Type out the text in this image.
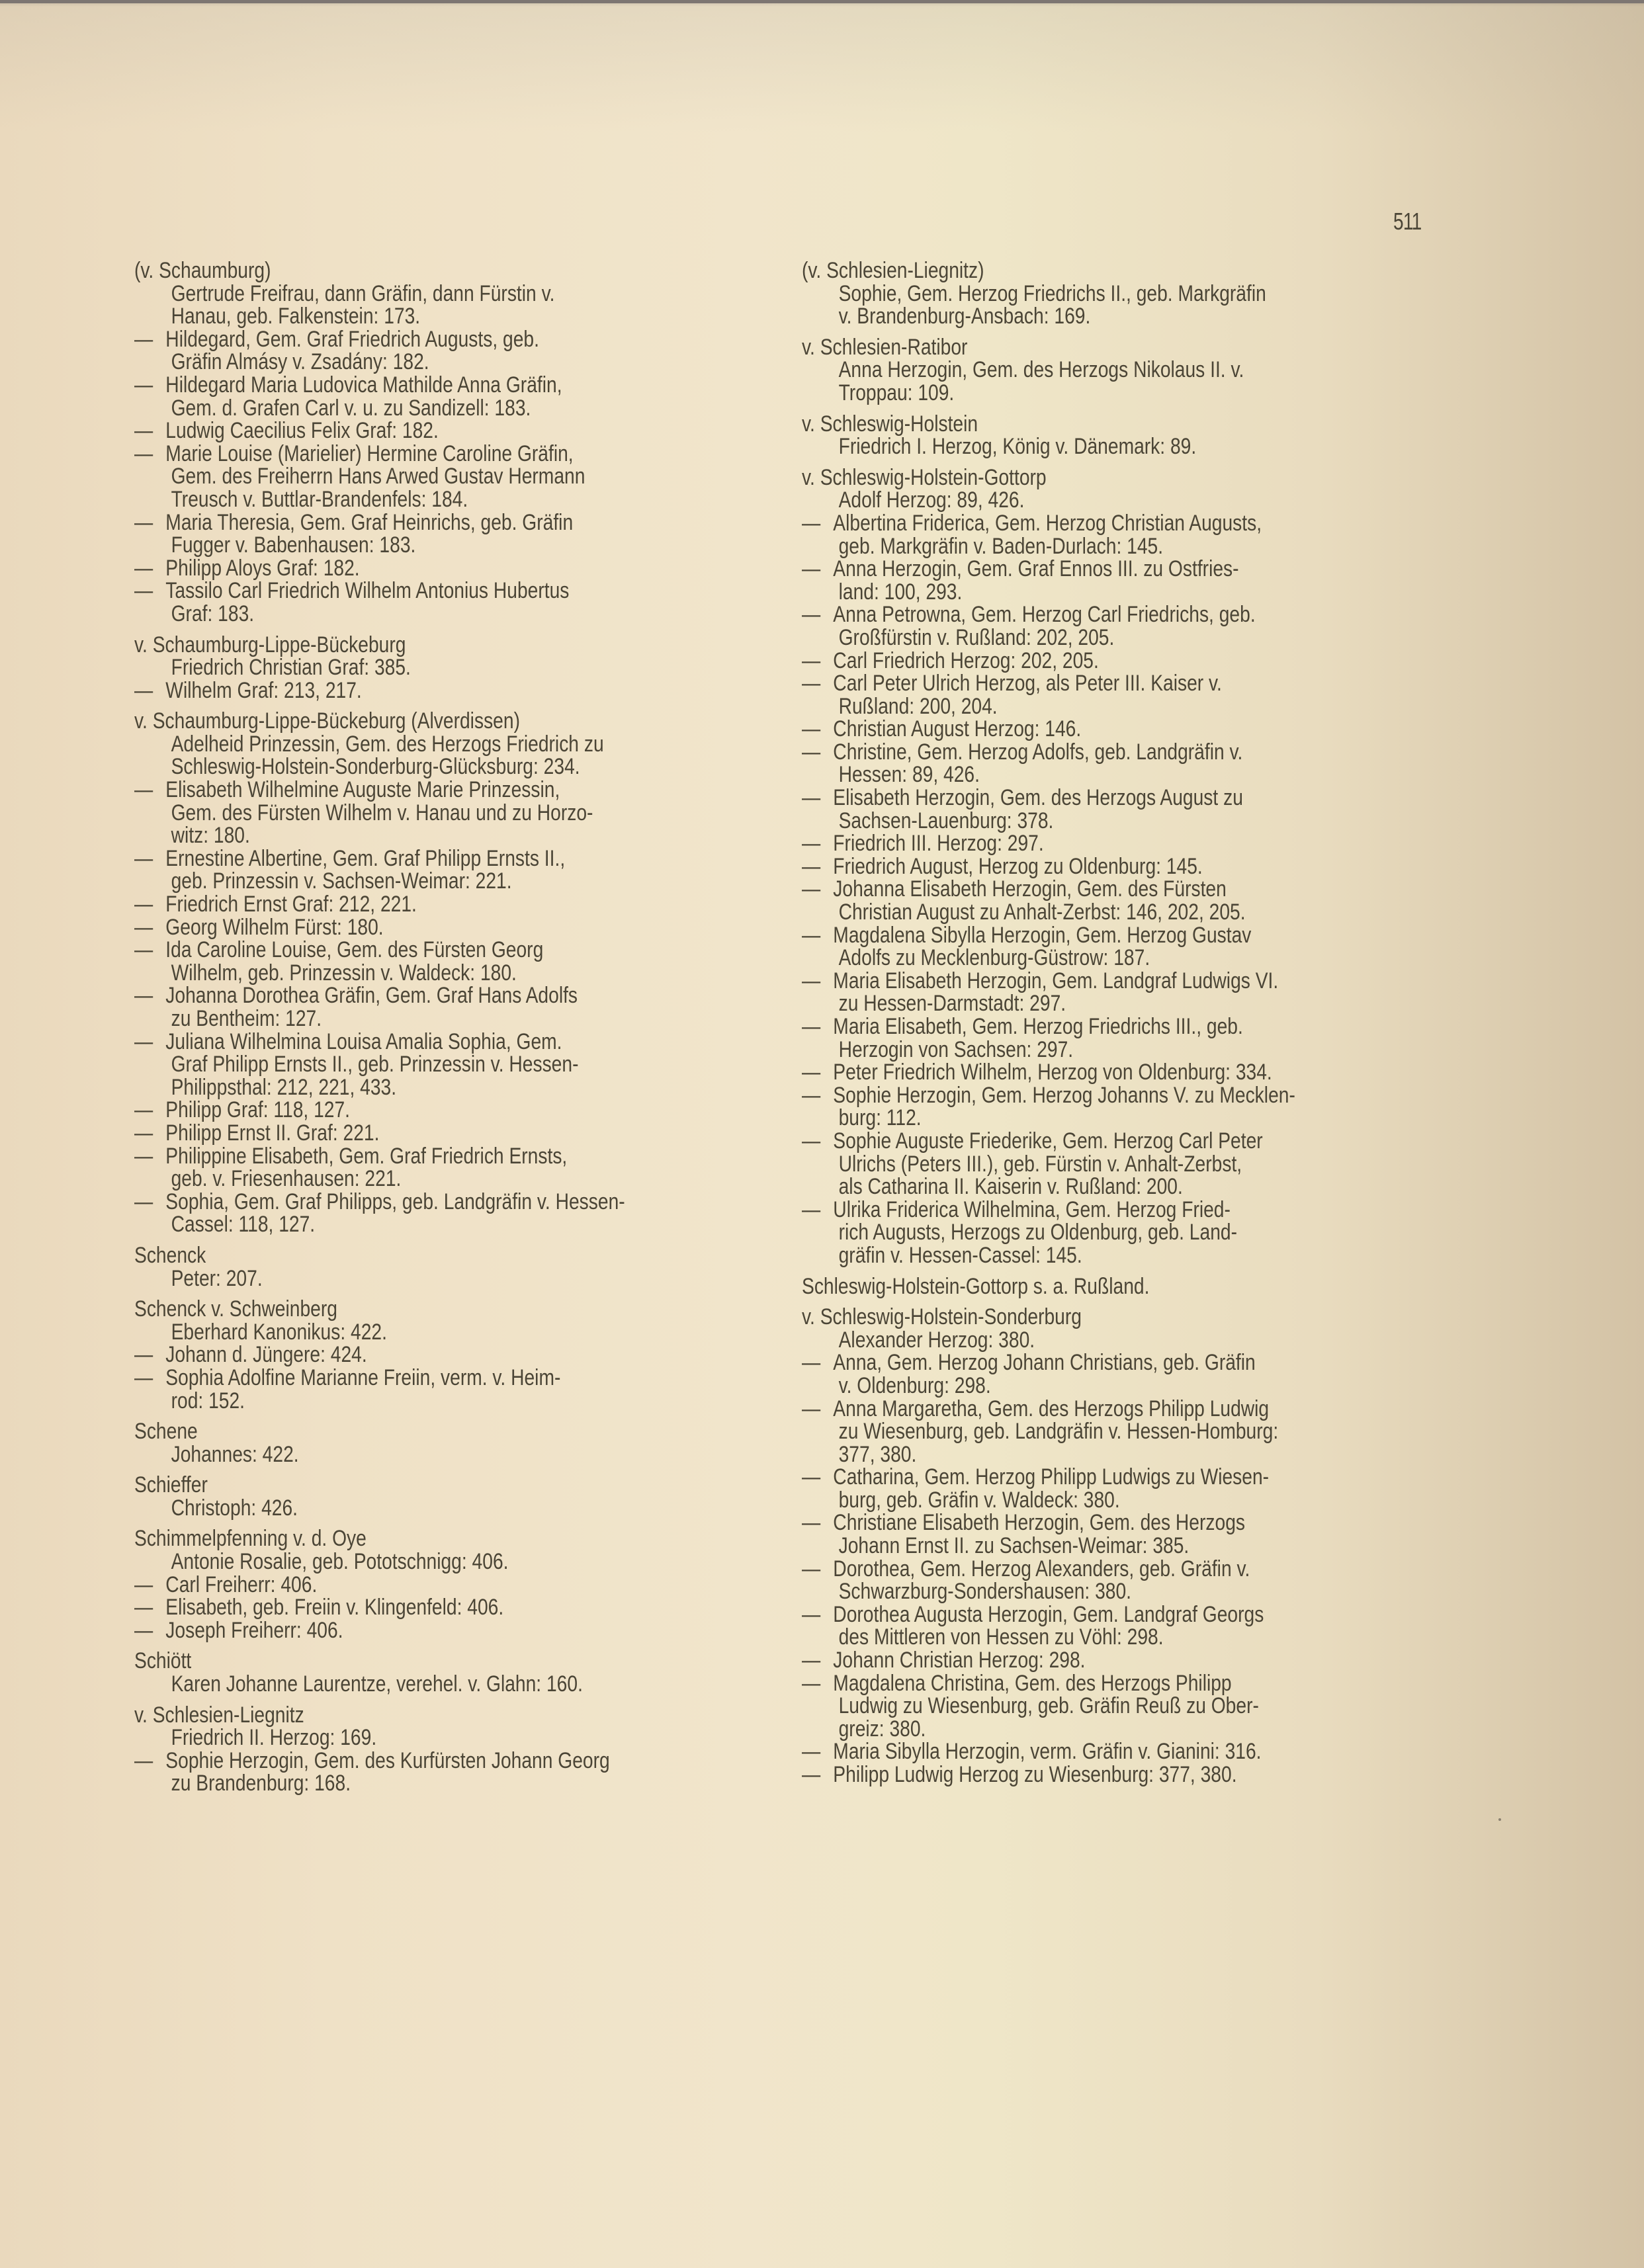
511
(v. Schaumburg)
Gertrude Freifrau, dann Gräfin, dann Fürstin v.
Hanau, geb. Falkenstein: 173.
— Hildegard, Gem. Graf Friedrich Augusts, geb.
Gräfin Almásy v. Zsadány: 182.
— Hildegard Maria Ludovica Mathilde Anna Gräfin,
Gem. d. Grafen Carl v. u. zu Sandizell: 183.
— Ludwig Caecilius Felix Graf: 182.
— Marie Louise (Marielier) Hermine Caroline Gräfin,
Gem. des Freiherrn Hans Arwed Gustav Hermann
Treusch v. Buttlar-Brandenfels: 184.
— Maria Theresia, Gem. Graf Heinrichs, geb. Gräfin
Fugger v. Babenhausen: 183.
— Philipp Aloys Graf: 182.
— Tassilo Carl Friedrich Wilhelm Antonius Hubertus
Graf: 183.
v. Schaumburg-Lippe-Bückeburg
Friedrich Christian Graf: 385.
— Wilhelm Graf: 213, 217.
v. Schaumburg-Lippe-Bückeburg (Alverdissen)
Adelheid Prinzessin, Gem. des Herzogs Friedrich zu
Schleswig-Holstein-Sonderburg-Glücksburg: 234.
— Elisabeth Wilhelmine Auguste Marie Prinzessin,
Gem. des Fürsten Wilhelm v. Hanau und zu Horzo-
witz: 180.
— Ernestine Albertine, Gem. Graf Philipp Ernsts II.,
geb. Prinzessin v. Sachsen-Weimar: 221.
— Friedrich Ernst Graf: 212, 221.
— Georg Wilhelm Fürst: 180.
— Ida Caroline Louise, Gem. des Fürsten Georg
Wilhelm, geb. Prinzessin v. Waldeck: 180.
— Johanna Dorothea Gräfin, Gem. Graf Hans Adolfs
zu Bentheim: 127.
— Juliana Wilhelmina Louisa Amalia Sophia, Gem.
Graf Philipp Ernsts II., geb. Prinzessin v. Hessen-
Philippsthal: 212, 221, 433.
— Philipp Graf: 118, 127.
— Philipp Ernst II. Graf: 221.
— Philippine Elisabeth, Gem. Graf Friedrich Ernsts,
geb. v. Friesenhausen: 221.
— Sophia, Gem. Graf Philipps, geb. Landgräfin v. Hessen-
Cassel: 118, 127.
Schenck
Peter: 207.
Schenck v. Schweinberg
Eberhard Kanonikus: 422.
— Johann d. Jüngere: 424.
— Sophia Adolfine Marianne Freiin, verm. v. Heim-
rod: 152.
Schene
Johannes: 422.
Schieffer
Christoph: 426.
Schimmelpfenning v. d. Oye
Antonie Rosalie, geb. Pototschnigg: 406.
— Carl Freiherr: 406.
— Elisabeth, geb. Freiin v. Klingenfeld: 406.
— Joseph Freiherr: 406.
Schiött
Karen Johanne Laurentze, verehel. v. Glahn: 160.
v. Schlesien-Liegnitz
Friedrich II. Herzog: 169.
— Sophie Herzogin, Gem. des Kurfürsten Johann Georg
zu Brandenburg: 168.
(v. Schlesien-Liegnitz)
Sophie, Gem. Herzog Friedrichs II., geb. Markgräfin
v. Brandenburg-Ansbach: 169.
v. Schlesien-Ratibor
Anna Herzogin, Gem. des Herzogs Nikolaus II. v.
Troppau: 109.
v. Schleswig-Holstein
Friedrich I. Herzog, König v. Dänemark: 89.
v. Schleswig-Holstein-Gottorp
Adolf Herzog: 89, 426.
— Albertina Friderica, Gem. Herzog Christian Augusts,
geb. Markgräfin v. Baden-Durlach: 145.
— Anna Herzogin, Gem. Graf Ennos III. zu Ostfries-
land: 100, 293.
— Anna Petrowna, Gem. Herzog Carl Friedrichs, geb.
Großfürstin v. Rußland: 202, 205.
— Carl Friedrich Herzog: 202, 205.
— Carl Peter Ulrich Herzog, als Peter III. Kaiser v.
Rußland: 200, 204.
— Christian August Herzog: 146.
— Christine, Gem. Herzog Adolfs, geb. Landgräfin v.
Hessen: 89, 426.
— Elisabeth Herzogin, Gem. des Herzogs August zu
Sachsen-Lauenburg: 378.
— Friedrich III. Herzog: 297.
— Friedrich August, Herzog zu Oldenburg: 145.
— Johanna Elisabeth Herzogin, Gem. des Fürsten
Christian August zu Anhalt-Zerbst: 146, 202, 205.
— Magdalena Sibylla Herzogin, Gem. Herzog Gustav
Adolfs zu Mecklenburg-Güstrow: 187.
— Maria Elisabeth Herzogin, Gem. Landgraf Ludwigs VI.
zu Hessen-Darmstadt: 297.
— Maria Elisabeth, Gem. Herzog Friedrichs III., geb.
Herzogin von Sachsen: 297.
— Peter Friedrich Wilhelm, Herzog von Oldenburg: 334.
— Sophie Herzogin, Gem. Herzog Johanns V. zu Mecklen-
burg: 112.
— Sophie Auguste Friederike, Gem. Herzog Carl Peter
Ulrichs (Peters III.), geb. Fürstin v. Anhalt-Zerbst,
als Catharina II. Kaiserin v. Rußland: 200.
— Ulrika Friderica Wilhelmina, Gem. Herzog Fried-
rich Augusts, Herzogs zu Oldenburg, geb. Land-
gräfin v. Hessen-Cassel: 145.
Schleswig-Holstein-Gottorp s. a. Rußland.
v. Schleswig-Holstein-Sonderburg
Alexander Herzog: 380.
— Anna, Gem. Herzog Johann Christians, geb. Gräfin
v. Oldenburg: 298.
— Anna Margaretha, Gem. des Herzogs Philipp Ludwig
zu Wiesenburg, geb. Landgräfin v. Hessen-Homburg:
377, 380.
— Catharina, Gem. Herzog Philipp Ludwigs zu Wiesen-
burg, geb. Gräfin v. Waldeck: 380.
— Christiane Elisabeth Herzogin, Gem. des Herzogs
Johann Ernst II. zu Sachsen-Weimar: 385.
— Dorothea, Gem. Herzog Alexanders, geb. Gräfin v.
Schwarzburg-Sondershausen: 380.
— Dorothea Augusta Herzogin, Gem. Landgraf Georgs
des Mittleren von Hessen zu Vöhl: 298.
— Johann Christian Herzog: 298.
— Magdalena Christina, Gem. des Herzogs Philipp
Ludwig zu Wiesenburg, geb. Gräfin Reuß zu Ober-
greiz: 380.
— Maria Sibylla Herzogin, verm. Gräfin v. Gianini: 316.
— Philipp Ludwig Herzog zu Wiesenburg: 377, 380.
